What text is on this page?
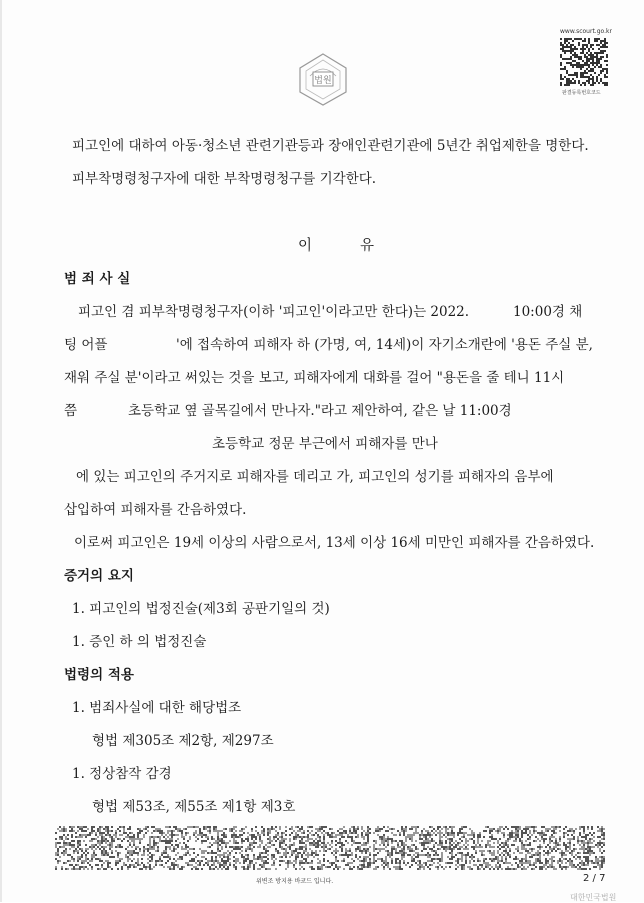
법원
www.scourt.go.kr
판결등록번호코드
피고인에 대하여 아동·청소년 관련기관등과 장애인관련기관에 5년간 취업제한을 명한다.
피부착명령청구자에 대한 부착명령청구를 기각한다.
이	유
범 죄 사 실
피고인 겸 피부착명령청구자(이하 '피고인'이라고만 한다)는 2022.	10:00경 채
팅 어플	'에 접속하여 피해자 하 (가명, 여, 14세)이 자기소개란에 '용돈 주실 분,
재워 주실 분'이라고 써있는 것을 보고, 피해자에게 대화를 걸어 "용돈을 줄 테니 11시
쯤	초등학교 옆 골목길에서 만나자."라고 제안하여, 같은 날 11:00경
초등학교 정문 부근에서 피해자를 만나
에 있는 피고인의 주거지로 피해자를 데리고 가, 피고인의 성기를 피해자의 음부에
삽입하여 피해자를 간음하였다.
이로써 피고인은 19세 이상의 사람으로서, 13세 이상 16세 미만인 피해자를 간음하였다.
증거의 요지
1. 피고인의 법정진술(제3회 공판기일의 것)
1. 증인 하 의 법정진술
법령의 적용
1. 범죄사실에 대한 해당법조
형법 제305조 제2항, 제297조
1. 정상참작 감경
형법 제53조, 제55조 제1항 제3호
위변조 방지용 바코드 입니다.	2 / 7
대한민국법원
